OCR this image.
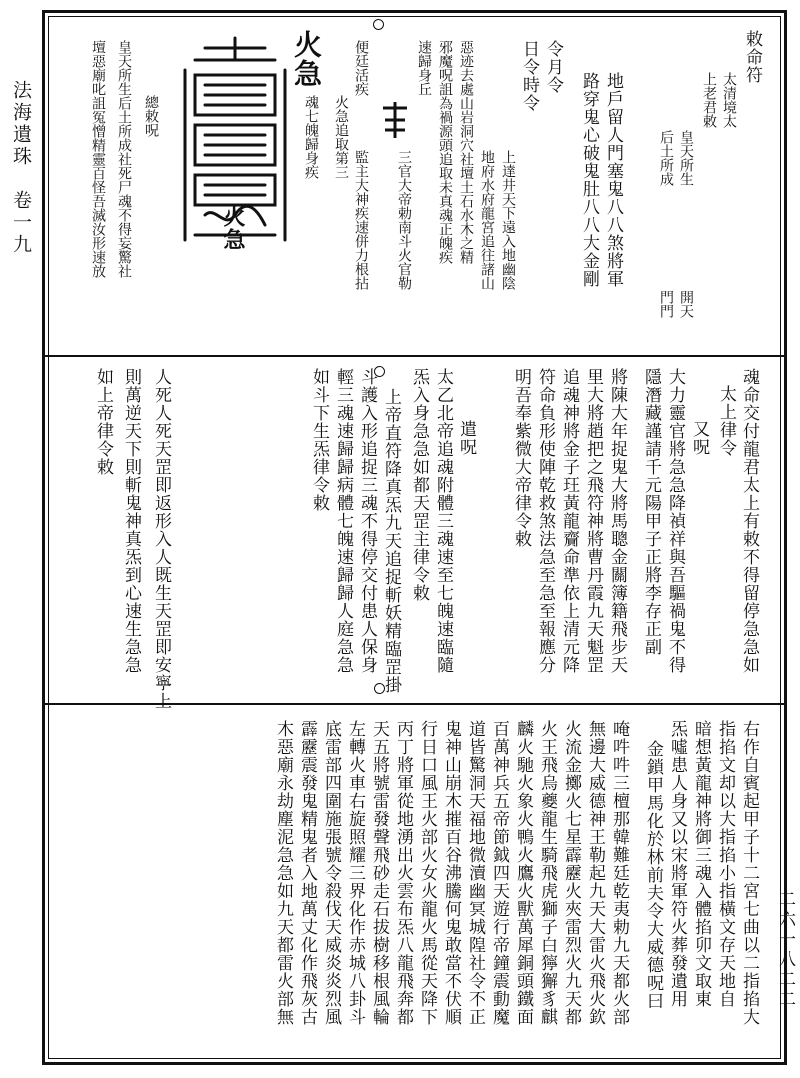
法海遺珠　卷一九
二六一八二二
敕命符
太清境太
上老君敕
皇天所生
后土所成
開天
門門
地戶留人門塞鬼八八煞將軍
路穿鬼心破鬼肚八八大金剛
令月令
日令時令
上達井天下遠入地幽陰
地府水府龍宮追往諸山
惡迹去處山岩洞穴社壇土石水木之精
邪魔呪詛為禍源頭追取未真魂正魄疾
速歸身丘
三官大帝勅南斗火官勒
便廷活疾
火急追取第三
監主大神疾速併力根拈
魂七魄歸身疾
火急
火急
總敕呪
皇天所生后土所成社死尸魂不得妄驚社
壇惡廟叱詛冤憎精靈百怪吾滅汝形速放
魂命交付龍君太上有敕不得留停急急如
太上律令
又呪
大力靈官將急急降禎祥與吾驅禍鬼不得
隱潛藏謹請千元陽甲子正將李存正副
將陳大年捉鬼大將馬聰金關簿籍飛步天
里大將趙把之飛符神將曹丹霞九天魁罡
追魂神將金子玨黃龍齎命準依上清元降
符命負形使陣乾救煞法急至急至報應分
明吾奉紫微大帝律令敕
遣呪
太乙北帝追魂附體三魂速至七魄速臨隨
炁入身急急如都天罡主律令敕
上帝直符降真炁九天追捉斬妖精臨罡掛
斗護入形追捉三魂不得停交付患人保身
輕三魂速歸歸病體七魄速歸歸人庭急急
如斗下生炁律令敕
人死人死天罡即返形入人既生天罡即安寧上
則萬逆天下則斬鬼神真炁到心速生急急
如上帝律令敕
右作自賓起甲子十二宮七曲以二指掐大
指掐文却以大指掐小指橫文存天地自
暗想黃龍神將御三魂入體掐卯文取東
炁噓患人身又以宋將軍符火葬發遺用
金鎖甲馬化於林前夫令大威德呪曰
唵吽吽三檀那韓難廷乾夷勅九天都火部
無邊大威德神王勒起九天大雷火飛火欽
火流金擲火七星霹靂火夾雷烈火九天都
火王飛烏夔龍生騎飛虎獅子白獰獬豸麒
麟火馳火象火鴨火鷹火獸萬犀銅頭鐵面
百萬神兵五帝節鉞四天遊行帝鐘震動魔
道皆驚洞天福地微瀆幽冥城隍社令不正
鬼神山崩木摧百谷沸騰何鬼敢當不伏順
行日口風王火部火女火龍火馬從天降下
丙丁將軍從地湧出火雲布炁八龍飛奔都
天五將號雷發聲飛砂走石拔樹移根風輪
左轉火車右旋照耀三界化作赤城八卦斗
底雷部四圍施張號令殺伐天威炎炎烈風
霹靂震發鬼精鬼者入地萬丈化作飛灰古
木惡廟永劫塵泥急急如九天都雷火部無
